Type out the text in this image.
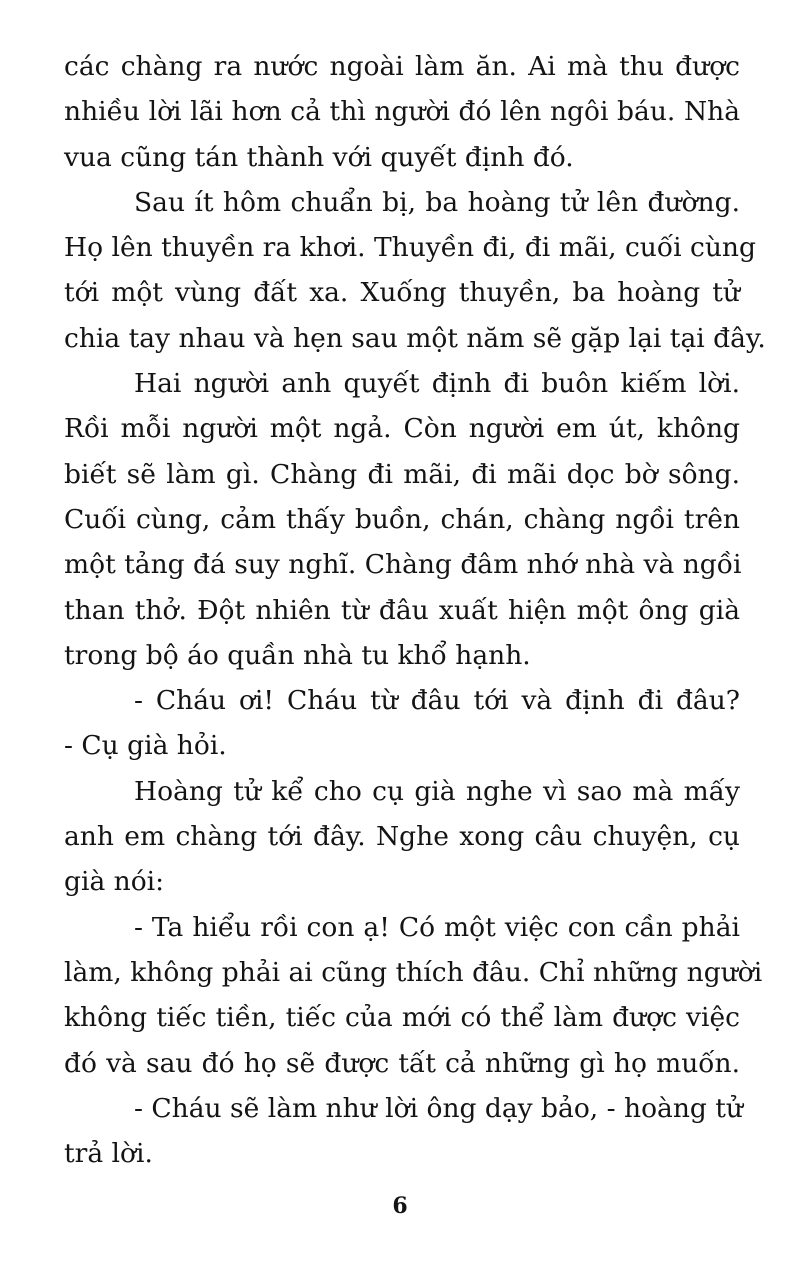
các chàng ra nước ngoài làm ăn. Ai mà thu được
nhiều lời lãi hơn cả thì người đó lên ngôi báu. Nhà
vua cũng tán thành với quyết định đó.
Sau ít hôm chuẩn bị, ba hoàng tử lên đường.
Họ lên thuyền ra khơi. Thuyền đi, đi mãi, cuối cùng
tới một vùng đất xa. Xuống thuyền, ba hoàng tử
chia tay nhau và hẹn sau một năm sẽ gặp lại tại đây.
Hai người anh quyết định đi buôn kiếm lời.
Rồi mỗi người một ngả. Còn người em út, không
biết sẽ làm gì. Chàng đi mãi, đi mãi dọc bờ sông.
Cuối cùng, cảm thấy buồn, chán, chàng ngồi trên
một tảng đá suy nghĩ. Chàng đâm nhớ nhà và ngồi
than thở. Đột nhiên từ đâu xuất hiện một ông già
trong bộ áo quần nhà tu khổ hạnh.
- Cháu ơi! Cháu từ đâu tới và định đi đâu?
- Cụ già hỏi.
Hoàng tử kể cho cụ già nghe vì sao mà mấy
anh em chàng tới đây. Nghe xong câu chuyện, cụ
già nói:
- Ta hiểu rồi con ạ! Có một việc con cần phải
làm, không phải ai cũng thích đâu. Chỉ những người
không tiếc tiền, tiếc của mới có thể làm được việc
đó và sau đó họ sẽ được tất cả những gì họ muốn.
- Cháu sẽ làm như lời ông dạy bảo, - hoàng tử
trả lời.
6
